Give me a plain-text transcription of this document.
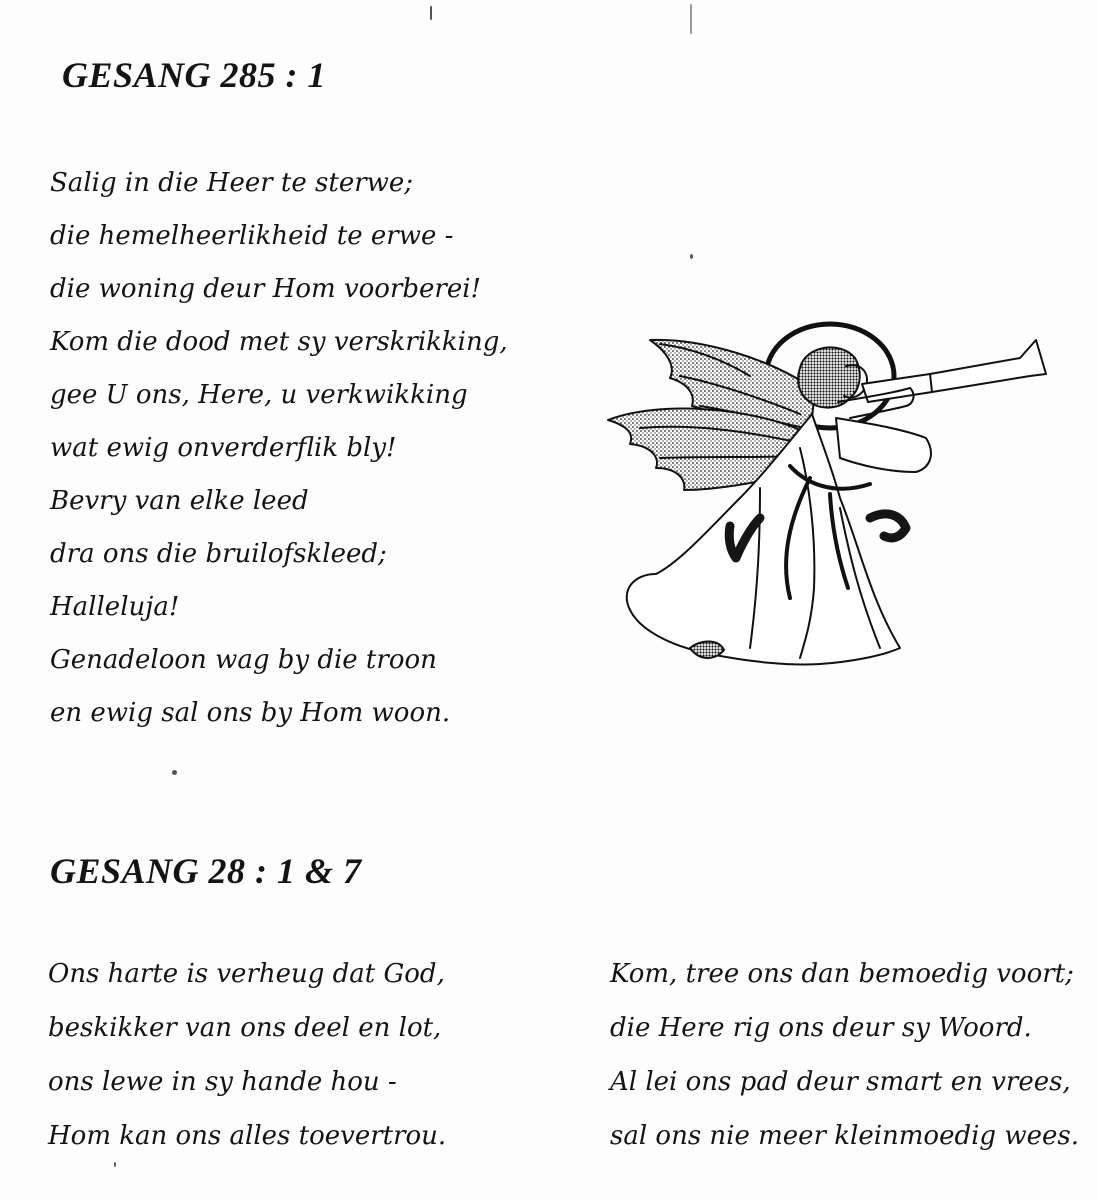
GESANG 285 : 1
Salig in die Heer te sterwe;
die hemelheerlikheid te erwe -
die woning deur Hom voorberei!
Kom die dood met sy verskrikking,
gee U ons, Here, u verkwikking
wat ewig onverderflik bly!
Bevry van elke leed
dra ons die bruilofskleed;
Halleluja!
Genadeloon wag by die troon
en ewig sal ons by Hom woon.
GESANG 28 : 1 & 7
Ons harte is verheug dat God,
beskikker van ons deel en lot,
ons lewe in sy hande hou -
Hom kan ons alles toevertrou.
Kom, tree ons dan bemoedig voort;
die Here rig ons deur sy Woord.
Al lei ons pad deur smart en vrees,
sal ons nie meer kleinmoedig wees.
